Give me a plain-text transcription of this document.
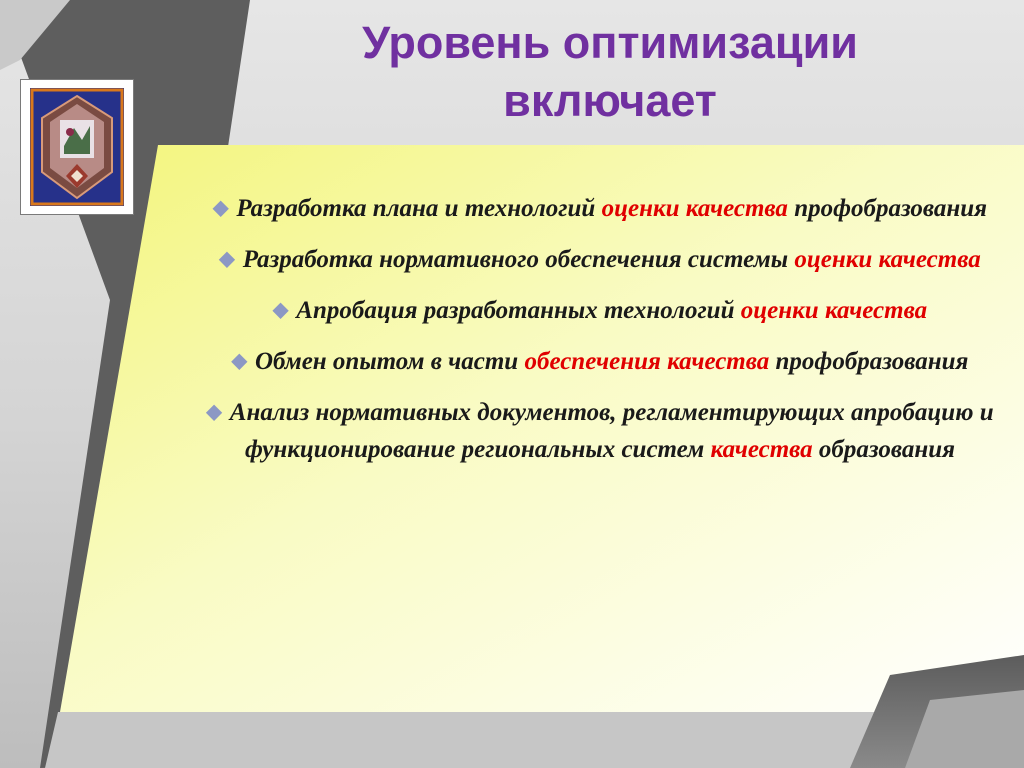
Уровень оптимизации
включает
◆ Разработка плана и технологий оценки качества профобразования
◆ Разработка нормативного обеспечения системы оценки качества
◆ Апробация разработанных технологий оценки качества
◆ Обмен опытом в части обеспечения качества профобразования
◆ Анализ нормативных документов, регламентирующих апробацию и функционирование региональных систем качества образования
